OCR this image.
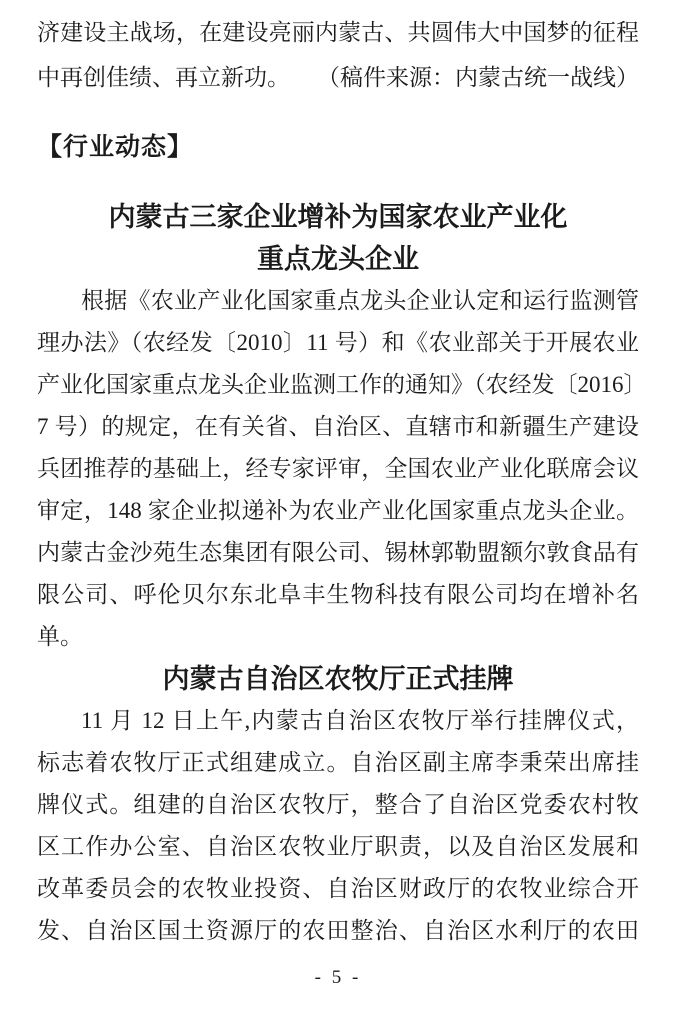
济建设主战场，在建设亮丽内蒙古、共圆伟大中国梦的征程
中再创佳绩、再立新功。 （稿件来源：内蒙古统一战线）
【行业动态】
内蒙古三家企业增补为国家农业产业化
重点龙头企业
根据《农业产业化国家重点龙头企业认定和运行监测管
理办法》（农经发〔2010〕11 号）和《农业部关于开展农业
产业化国家重点龙头企业监测工作的通知》（农经发〔2016〕
7 号）的规定，在有关省、自治区、直辖市和新疆生产建设
兵团推荐的基础上，经专家评审，全国农业产业化联席会议
审定，148 家企业拟递补为农业产业化国家重点龙头企业。
内蒙古金沙苑生态集团有限公司、锡林郭勒盟额尔敦食品有
限公司、呼伦贝尔东北阜丰生物科技有限公司均在增补名
单。
内蒙古自治区农牧厅正式挂牌
11 月 12 日上午,内蒙古自治区农牧厅举行挂牌仪式，
标志着农牧厅正式组建成立。自治区副主席李秉荣出席挂
牌仪式。组建的自治区农牧厅，整合了自治区党委农村牧
区工作办公室、自治区农牧业厅职责，以及自治区发展和
改革委员会的农牧业投资、自治区财政厅的农牧业综合开
发、自治区国土资源厅的农田整治、自治区水利厅的农田
- 5 -
